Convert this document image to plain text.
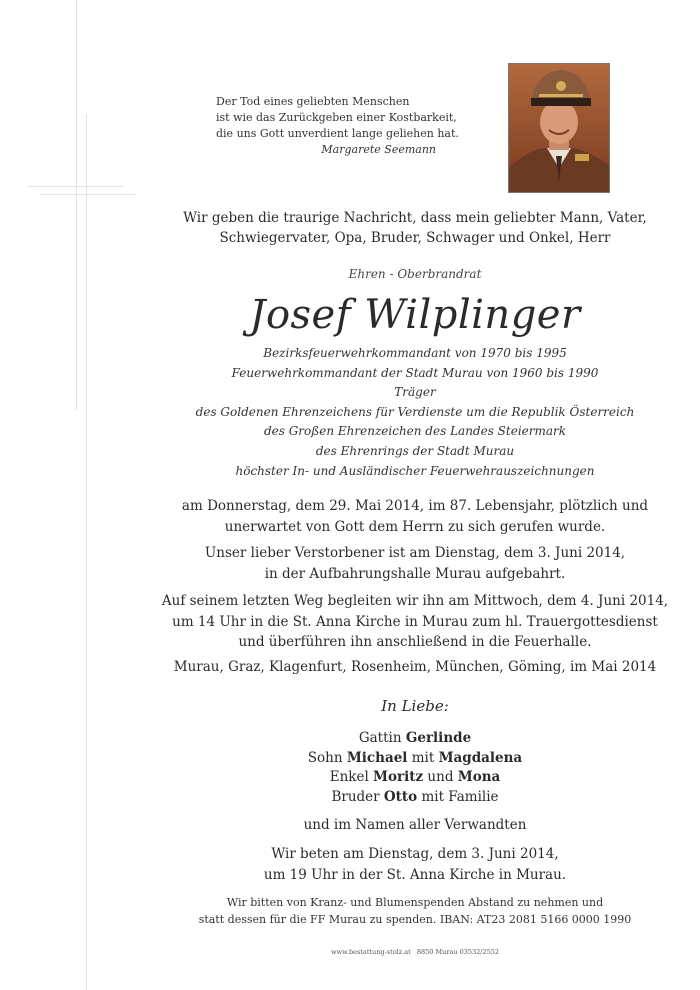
Der Tod eines geliebten Menschen
ist wie das Zurückgeben einer Kostbarkeit,
die uns Gott unverdient lange geliehen hat.
Margarete Seemann
Wir geben die traurige Nachricht, dass mein geliebter Mann, Vater,
Schwiegervater, Opa, Bruder, Schwager und Onkel, Herr
Ehren - Oberbrandrat
Josef Wilplinger
Bezirksfeuerwehrkommandant von 1970 bis 1995
Feuerwehrkommandant der Stadt Murau von 1960 bis 1990
Träger
des Goldenen Ehrenzeichens für Verdienste um die Republik Österreich
des Großen Ehrenzeichen des Landes Steiermark
des Ehrenrings der Stadt Murau
höchster In- und Ausländischer Feuerwehrauszeichnungen
am Donnerstag, dem 29. Mai 2014, im 87. Lebensjahr, plötzlich und
unerwartet von Gott dem Herrn zu sich gerufen wurde.
Unser lieber Verstorbener ist am Dienstag, dem 3. Juni 2014,
in der Aufbahrungshalle Murau aufgebahrt.
Auf seinem letzten Weg begleiten wir ihn am Mittwoch, dem 4. Juni 2014,
um 14 Uhr in die St. Anna Kirche in Murau zum hl. Trauergottesdienst
und überführen ihn anschließend in die Feuerhalle.
Murau, Graz, Klagenfurt, Rosenheim, München, Göming, im Mai 2014
In Liebe:
Gattin Gerlinde
Sohn Michael mit Magdalena
Enkel Moritz und Mona
Bruder Otto mit Familie
und im Namen aller Verwandten
Wir beten am Dienstag, dem 3. Juni 2014,
um 19 Uhr in der St. Anna Kirche in Murau.
Wir bitten von Kranz- und Blumenspenden Abstand zu nehmen und
statt dessen für die FF Murau zu spenden. IBAN: AT23 2081 5166 0000 1990
www.bestattung-stolz.at   8850 Murau 03532/2552
